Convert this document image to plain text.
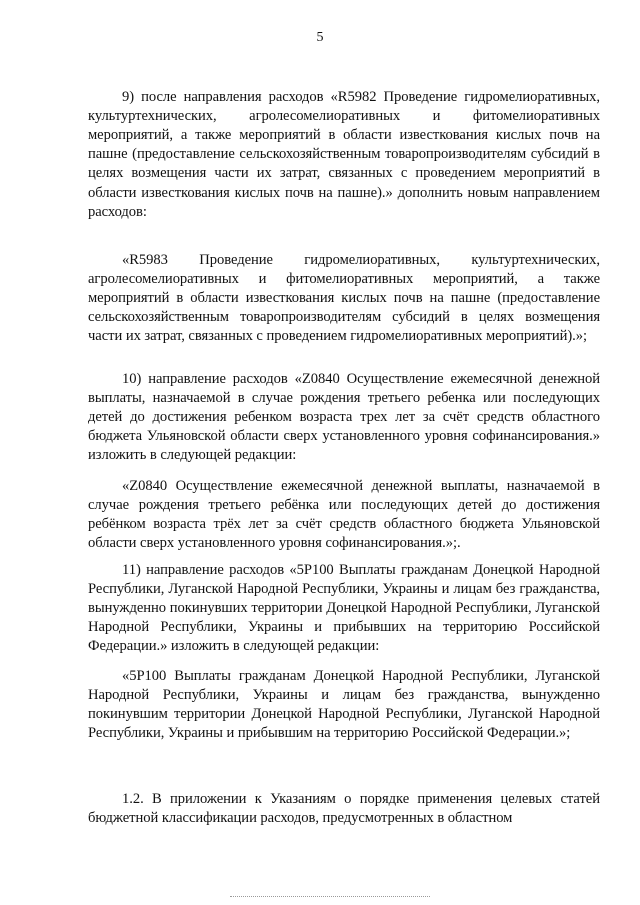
5

9) после направления расходов «R5982 Проведение гидромелиоративных, культуртехнических, агролесомелиоративных и фитомелиоративных мероприятий, а также мероприятий в области известкования кислых почв на пашне (предоставление сельскохозяйственным товаропроизводителям субсидий в целях возмещения части их затрат, связанных с проведением мероприятий в области известкования кислых почв на пашне).» дополнить новым направлением расходов:

«R5983 Проведение гидромелиоративных, культуртехнических, агролесомелиоративных и фитомелиоративных мероприятий, а также мероприятий в области известкования кислых почв на пашне (предоставление сельскохозяйственным товаропроизводителям субсидий в целях возмещения части их затрат, связанных с проведением гидромелиоративных мероприятий).»;

10) направление расходов «Z0840 Осуществление ежемесячной денежной выплаты, назначаемой в случае рождения третьего ребенка или последующих детей до достижения ребенком возраста трех лет за счёт средств областного бюджета Ульяновской области сверх установленного уровня софинансирования.» изложить в следующей редакции:

«Z0840 Осуществление ежемесячной денежной выплаты, назначаемой в случае рождения третьего ребёнка или последующих детей до достижения ребёнком возраста трёх лет за счёт средств областного бюджета Ульяновской области сверх установленного уровня софинансирования.»;.

11) направление расходов «5Р100 Выплаты гражданам Донецкой Народной Республики, Луганской Народной Республики, Украины и лицам без гражданства, вынужденно покинувших территории Донецкой Народной Республики, Луганской Народной Республики, Украины и прибывших на территорию Российской Федерации.» изложить в следующей редакции:

«5Р100 Выплаты гражданам Донецкой Народной Республики, Луганской Народной Республики, Украины и лицам без гражданства, вынужденно покинувшим территории Донецкой Народной Республики, Луганской Народной Республики, Украины и прибывшим на территорию Российской Федерации.»;

1.2. В приложении к Указаниям о порядке применения целевых статей бюджетной классификации расходов, предусмотренных в областном
